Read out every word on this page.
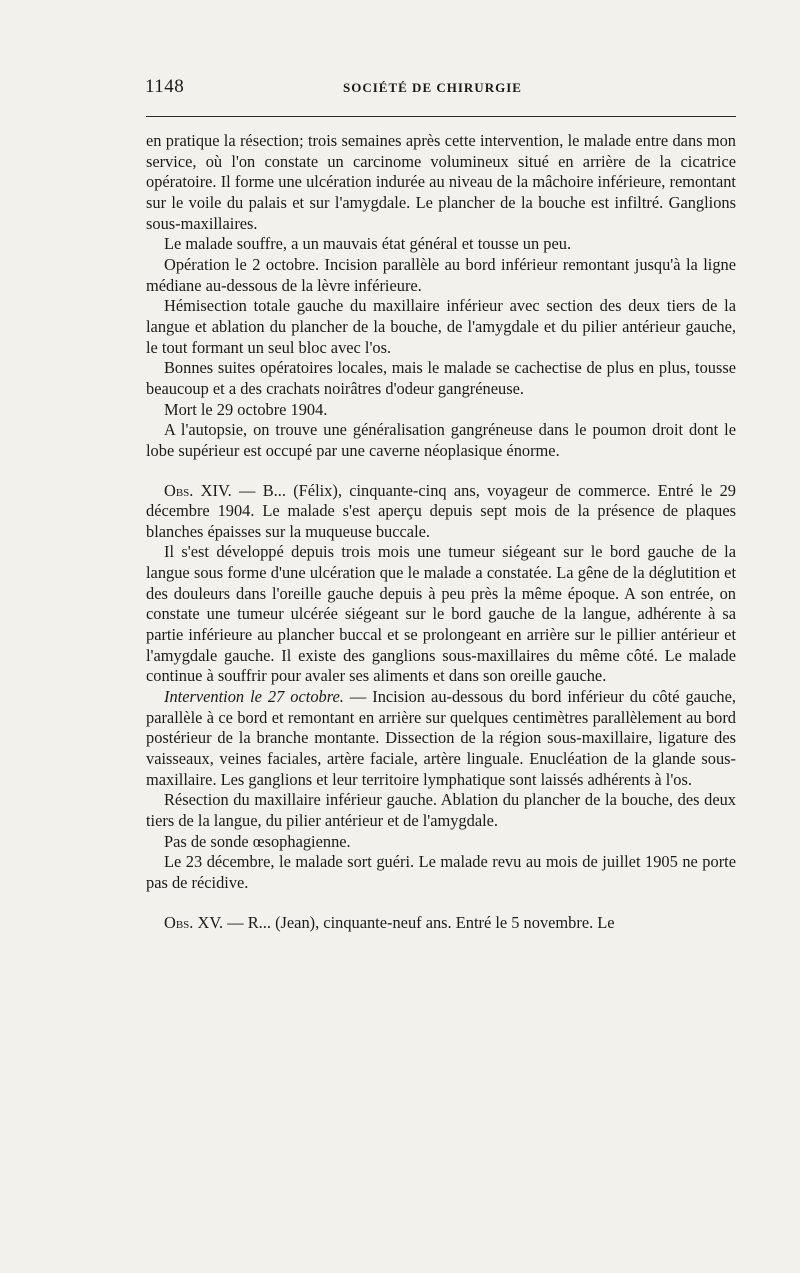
1148	SOCIÉTÉ DE CHIRURGIE

en pratique la résection; trois semaines après cette intervention, le malade entre dans mon service, où l'on constate un carcinome volumineux situé en arrière de la cicatrice opératoire. Il forme une ulcération indurée au niveau de la mâchoire inférieure, remontant sur le voile du palais et sur l'amygdale. Le plancher de la bouche est infiltré. Ganglions sous-maxillaires.

Le malade souffre, a un mauvais état général et tousse un peu.

Opération le 2 octobre. Incision parallèle au bord inférieur remontant jusqu'à la ligne médiane au-dessous de la lèvre inférieure.

Hémisection totale gauche du maxillaire inférieur avec section des deux tiers de la langue et ablation du plancher de la bouche, de l'amygdale et du pilier antérieur gauche, le tout formant un seul bloc avec l'os.

Bonnes suites opératoires locales, mais le malade se cachectise de plus en plus, tousse beaucoup et a des crachats noirâtres d'odeur gangréneuse.

Mort le 29 octobre 1904.

A l'autopsie, on trouve une généralisation gangréneuse dans le poumon droit dont le lobe supérieur est occupé par une caverne néoplasique énorme.

Obs. XIV. — B... (Félix), cinquante-cinq ans, voyageur de commerce. Entré le 29 décembre 1904. Le malade s'est aperçu depuis sept mois de la présence de plaques blanches épaisses sur la muqueuse buccale.

Il s'est développé depuis trois mois une tumeur siégeant sur le bord gauche de la langue sous forme d'une ulcération que le malade a constatée. La gêne de la déglutition et des douleurs dans l'oreille gauche depuis à peu près la même époque. A son entrée, on constate une tumeur ulcérée siégeant sur le bord gauche de la langue, adhérente à sa partie inférieure au plancher buccal et se prolongeant en arrière sur le pillier antérieur et l'amygdale gauche. Il existe des ganglions sous-maxillaires du même côté. Le malade continue à souffrir pour avaler ses aliments et dans son oreille gauche.

Intervention le 27 octobre. — Incision au-dessous du bord inférieur du côté gauche, parallèle à ce bord et remontant en arrière sur quelques centimètres parallèlement au bord postérieur de la branche montante. Dissection de la région sous-maxillaire, ligature des vaisseaux, veines faciales, artère faciale, artère linguale. Enucléation de la glande sous-maxillaire. Les ganglions et leur territoire lymphatique sont laissés adhérents à l'os.

Résection du maxillaire inférieur gauche. Ablation du plancher de la bouche, des deux tiers de la langue, du pilier antérieur et de l'amygdale.

Pas de sonde œsophagienne.

Le 23 décembre, le malade sort guéri. Le malade revu au mois de juillet 1905 ne porte pas de récidive.

Obs. XV. — R... (Jean), cinquante-neuf ans. Entré le 5 novembre. Le
